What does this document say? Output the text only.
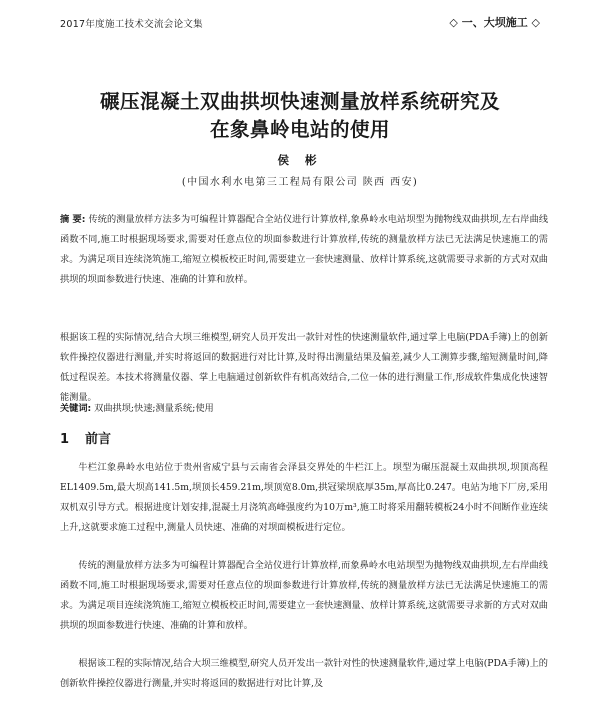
2017年度施工技术交流会论文集	◇ 一、大坝施工 ◇
碾压混凝土双曲拱坝快速测量放样系统研究及
在象鼻岭电站的使用
侯 彬
(中国水利水电第三工程局有限公司 陕西 西安)

摘 要: 传统的测量放样方法多为可编程计算器配合全站仪进行计算放样,象鼻岭水电站坝型为抛物线双曲拱坝,左右岸曲线函数不同,施工时根据现场要求,需要对任意点位的坝面参数进行计算放样,传统的测量放样方法已无法满足快速施工的需求。为满足项目连续浇筑施工,缩短立模板校正时间,需要建立一套快速测量、放样计算系统,这就需要寻求新的方式对双曲拱坝的坝面参数进行快速、准确的计算和放样。

根据该工程的实际情况,结合大坝三维模型,研究人员开发出一款针对性的快速测量软件,通过掌上电脑(PDA手簿)上的创新软件操控仪器进行测量,并实时将返回的数据进行对比计算,及时得出测量结果及偏差,减少人工测算步骤,缩短测量时间,降低过程误差。本技术将测量仪器、掌上电脑通过创新软件有机高效结合,二位一体的进行测量工作,形成软件集成化快速智能测量。

关键词: 双曲拱坝;快速;测量系统;使用

1 前言

牛栏江象鼻岭水电站位于贵州省威宁县与云南省会泽县交界处的牛栏江上。坝型为碾压混凝土双曲拱坝,坝顶高程EL1409.5m,最大坝高141.5m,坝顶长459.21m,坝顶宽8.0m,拱冠梁坝底厚35m,厚高比0.247。电站为地下厂房,采用双机双引导方式。根据进度计划安排,混凝土月浇筑高峰强度约为10万m³,施工时将采用翻转模板24小时不间断作业连续上升,这就要求施工过程中,测量人员快速、准确的对坝面模板进行定位。

传统的测量放样方法多为可编程计算器配合全站仪进行计算放样,而象鼻岭水电站坝型为抛物线双曲拱坝,左右岸曲线函数不同,施工时根据现场要求,需要对任意点位的坝面参数进行计算放样,传统的测量放样方法已无法满足快速施工的需求。为满足项目连续浇筑施工,缩短立模板校正时间,需要建立一套快速测量、放样计算系统,这就需要寻求新的方式对双曲拱坝的坝面参数进行快速、准确的计算和放样。

根据该工程的实际情况,结合大坝三维模型,研究人员开发出一款针对性的快速测量软件,通过掌上电脑(PDA手簿)上的创新软件操控仪器进行测量,并实时将返回的数据进行对比计算,及
